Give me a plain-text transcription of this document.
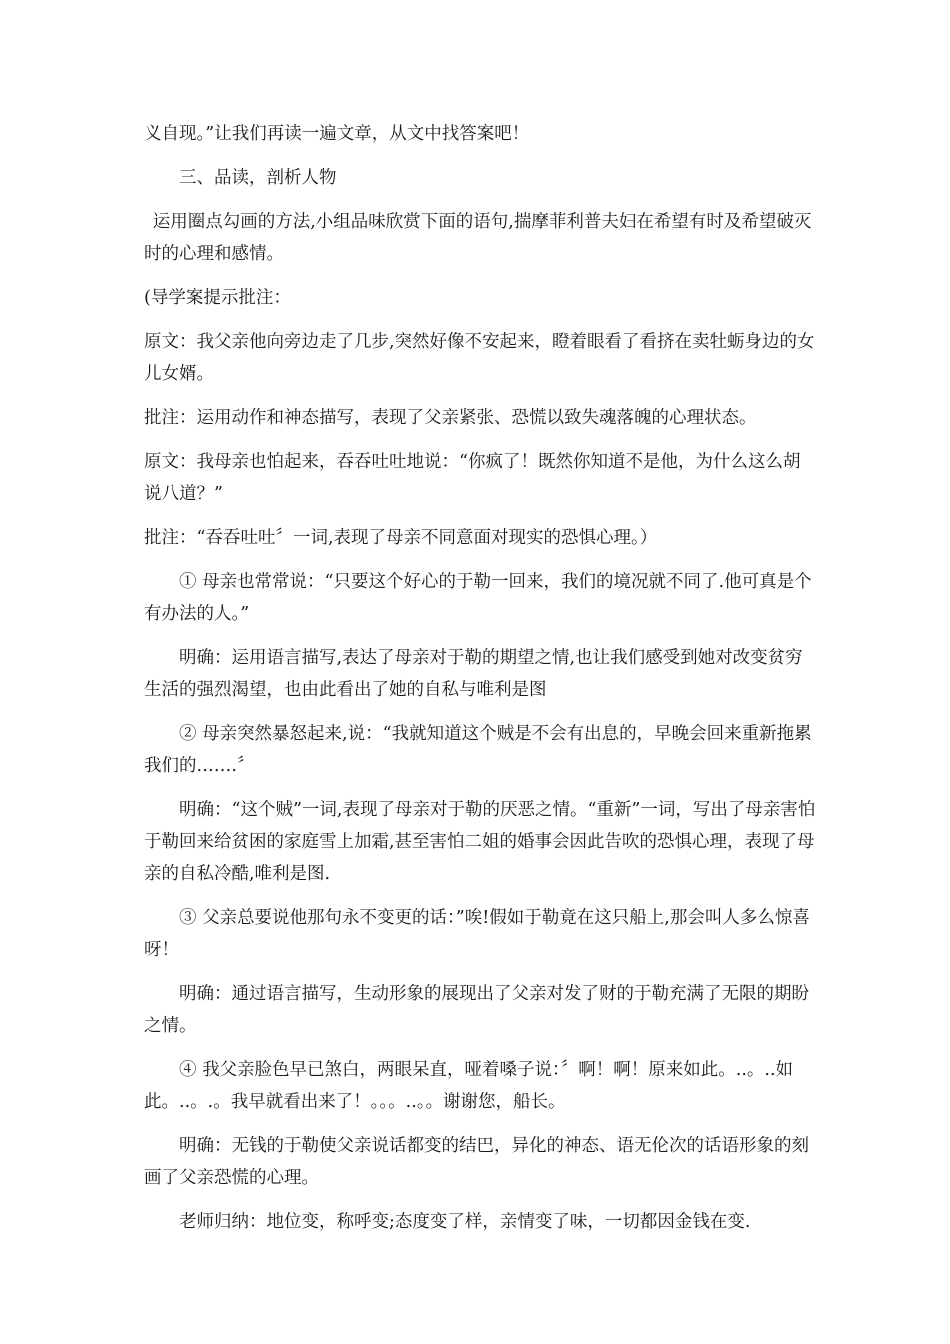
义自现。”让我们再读一遍文章，从文中找答案吧！

三、品读，剖析人物

运用圈点勾画的方法,小组品味欣赏下面的语句,揣摩菲利普夫妇在希望有时及希望破灭时的心理和感情。

(导学案提示批注：

原文：我父亲他向旁边走了几步,突然好像不安起来，瞪着眼看了看挤在卖牡蛎身边的女儿女婿。

批注：运用动作和神态描写，表现了父亲紧张、恐慌以致失魂落魄的心理状态。

原文：我母亲也怕起来，吞吞吐吐地说：“你疯了！既然你知道不是他，为什么这么胡说八道？”

批注：“吞吞吐吐〞一词,表现了母亲不同意面对现实的恐惧心理。）

① 母亲也常常说：“只要这个好心的于勒一回来，我们的境况就不同了.他可真是个有办法的人。”

明确：运用语言描写,表达了母亲对于勒的期望之情,也让我们感受到她对改变贫穷生活的强烈渴望，也由此看出了她的自私与唯利是图

② 母亲突然暴怒起来,说：“我就知道这个贼是不会有出息的，早晚会回来重新拖累我们的.……〞

明确：“这个贼”一词,表现了母亲对于勒的厌恶之情。“重新”一词，写出了母亲害怕于勒回来给贫困的家庭雪上加霜,甚至害怕二姐的婚事会因此告吹的恐惧心理，表现了母亲的自私冷酷,唯利是图.

③ 父亲总要说他那句永不变更的话：”唉!假如于勒竟在这只船上,那会叫人多么惊喜呀！

明确：通过语言描写，生动形象的展现出了父亲对发了财的于勒充满了无限的期盼之情。

④ 我父亲脸色早已煞白，两眼呆直，哑着嗓子说：〞啊！啊！原来如此。..。..如此。..。.。我早就看出来了！。。。..。。谢谢您，船长。

明确：无钱的于勒使父亲说话都变的结巴，异化的神态、语无伦次的话语形象的刻画了父亲恐慌的心理。

老师归纳：地位变，称呼变;态度变了样，亲情变了味，一切都因金钱在变.
